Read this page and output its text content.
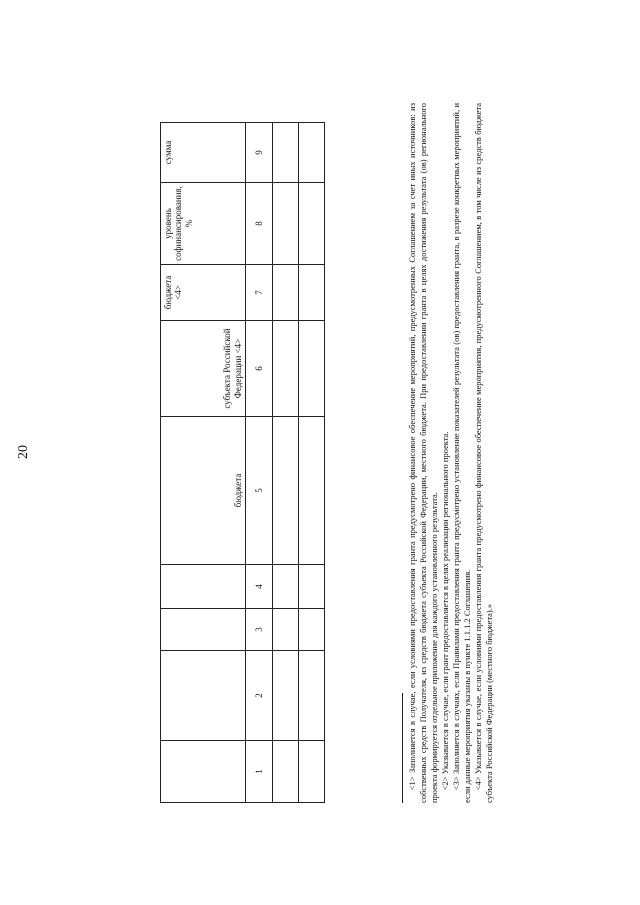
20
				бюджета	субъекта Российской Федерации <4>	бюджета <4>	уровень софинансирования, %	сумма
1	2	3	4	5	6	7	8	9

									<1> Заполняется в случае, если условиями предоставления гранта предусмотрено финансовое обеспечение мероприятий, предусмотренных Соглашением за счет иных источников: из собственных средств Получателя, из средств бюджета субъекта Российской Федерации, местного бюджета. При предоставлении гранта в целях достижения результата (ов) регионального проекта формируется отдельное приложение для каждого установленного результата. <2> Указывается в случае, если грант предоставляется в целях реализации регионального проекта. <3> Заполняется в случаях, если Правилами предоставления гранта предусмотрено установление показателей результата (ов) предоставления гранта, в разрезе конкретных мероприятий, и если данные мероприятия указаны в пункте 1.1.1.2 Соглашения. <4> Указывается в случае, если условиями предоставления гранта предусмотрено финансовое обеспечение мероприятия, предусмотренного Соглашением, в том числе из средств бюджета субъекта Российской Федерации (местного бюджета).»
